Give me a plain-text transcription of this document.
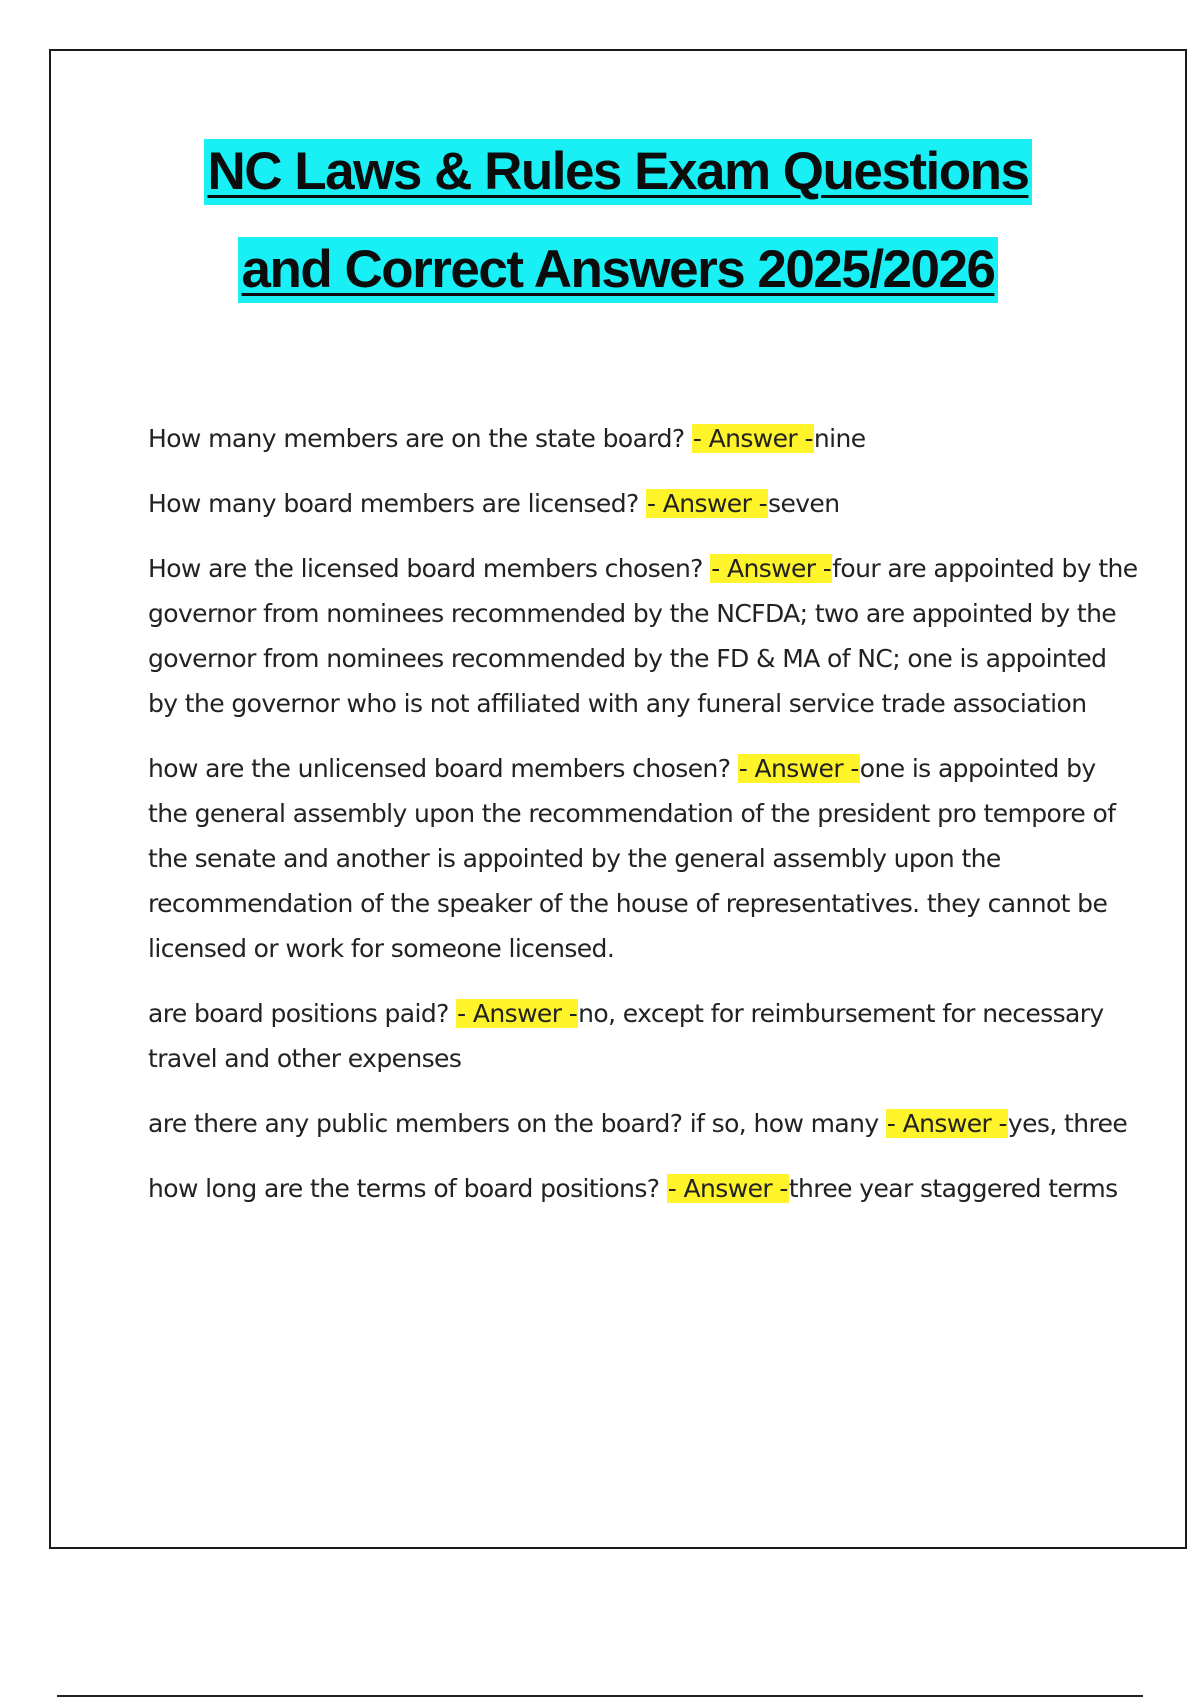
NC Laws & Rules Exam Questions
and Correct Answers 2025/2026

How many members are on the state board? - Answer -nine

How many board members are licensed? - Answer -seven

How are the licensed board members chosen? - Answer -four are appointed by the governor from nominees recommended by the NCFDA; two are appointed by the governor from nominees recommended by the FD & MA of NC; one is appointed by the governor who is not affiliated with any funeral service trade association

how are the unlicensed board members chosen? - Answer -one is appointed by the general assembly upon the recommendation of the president pro tempore of the senate and another is appointed by the general assembly upon the recommendation of the speaker of the house of representatives. they cannot be licensed or work for someone licensed.

are board positions paid? - Answer -no, except for reimbursement for necessary travel and other expenses

are there any public members on the board? if so, how many - Answer -yes, three

how long are the terms of board positions? - Answer -three year staggered terms
